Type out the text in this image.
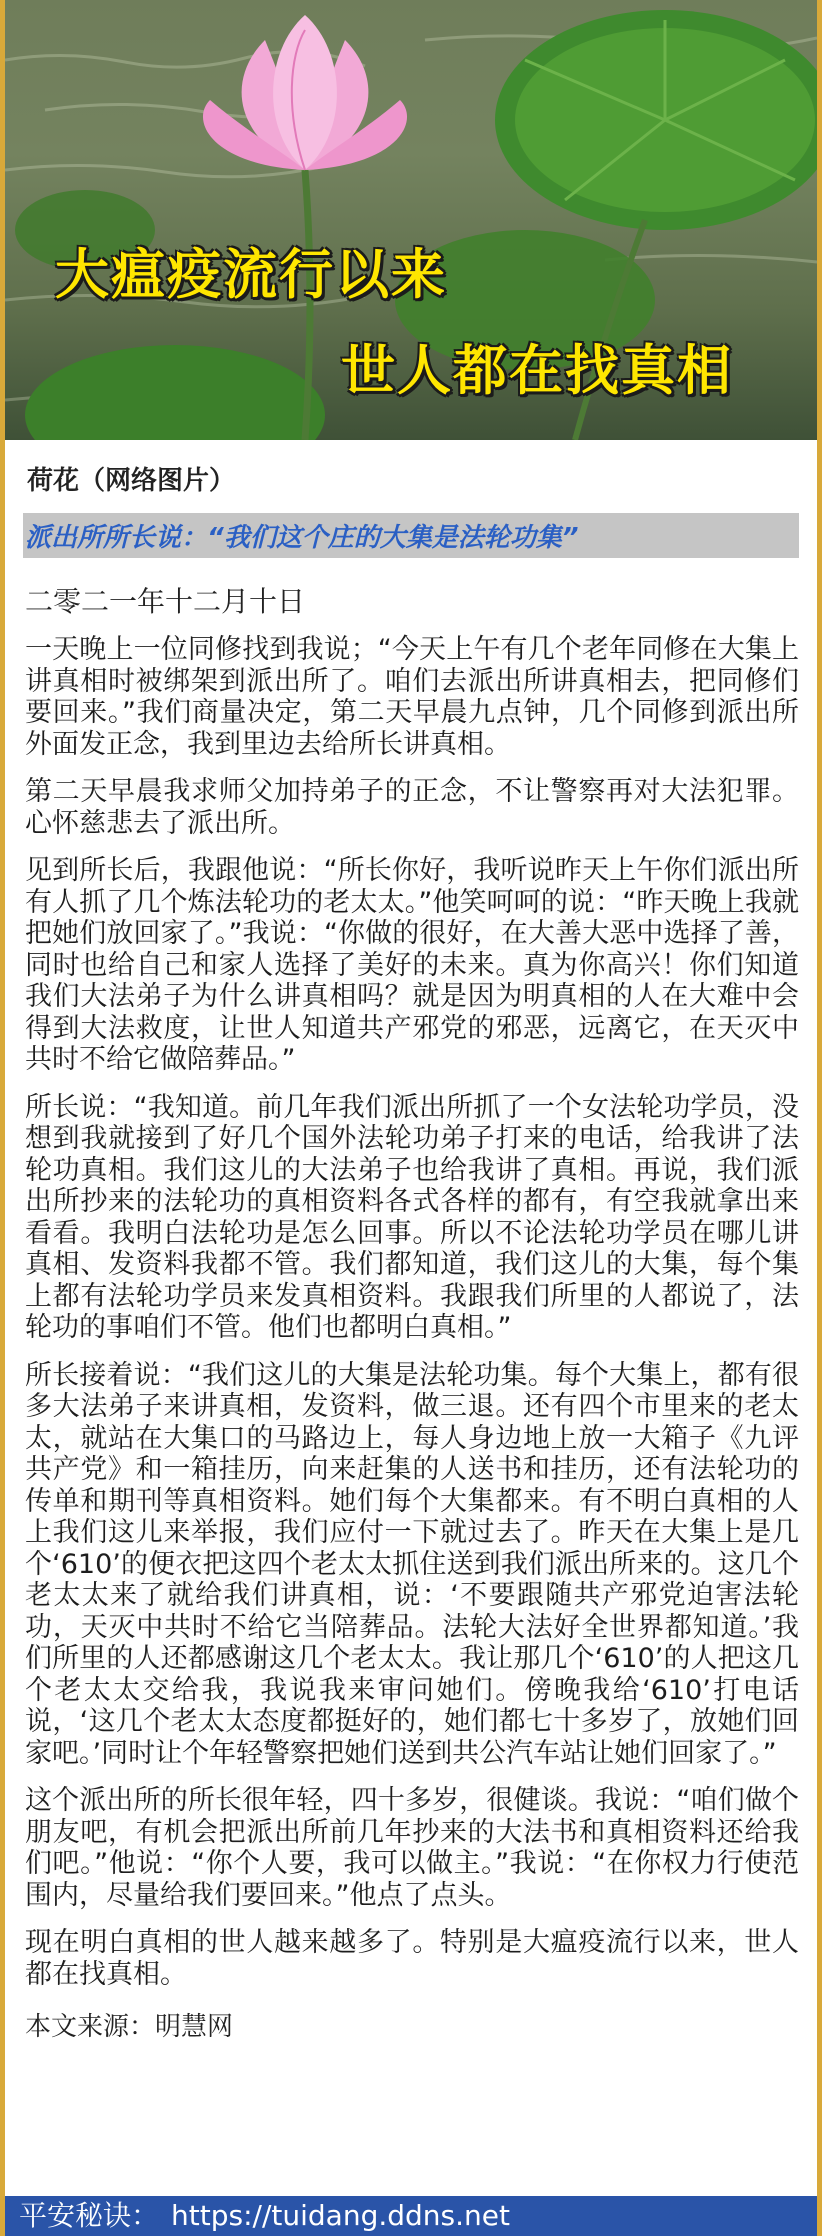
大瘟疫流行以来
世人都在找真相
荷花（网络图片）
派出所所长说：“我们这个庄的大集是法轮功集”
二零二一年十二月十日

一天晚上一位同修找到我说；“今天上午有几个老年同修在大集上讲真相时被绑架到派出所了。咱们去派出所讲真相去，把同修们要回来。”我们商量决定，第二天早晨九点钟，几个同修到派出所外面发正念，我到里边去给所长讲真相。

第二天早晨我求师父加持弟子的正念，不让警察再对大法犯罪。心怀慈悲去了派出所。

见到所长后，我跟他说：“所长你好，我听说昨天上午你们派出所有人抓了几个炼法轮功的老太太。”他笑呵呵的说：“昨天晚上我就把她们放回家了。”我说：“你做的很好，在大善大恶中选择了善，同时也给自己和家人选择了美好的未来。真为你高兴！你们知道我们大法弟子为什么讲真相吗？就是因为明真相的人在大难中会得到大法救度，让世人知道共产邪党的邪恶，远离它，在天灭中共时不给它做陪葬品。”

所长说：“我知道。前几年我们派出所抓了一个女法轮功学员，没想到我就接到了好几个国外法轮功弟子打来的电话，给我讲了法轮功真相。我们这儿的大法弟子也给我讲了真相。再说，我们派出所抄来的法轮功的真相资料各式各样的都有，有空我就拿出来看看。我明白法轮功是怎么回事。所以不论法轮功学员在哪儿讲真相、发资料我都不管。我们都知道，我们这儿的大集，每个集上都有法轮功学员来发真相资料。我跟我们所里的人都说了，法轮功的事咱们不管。他们也都明白真相。”

所长接着说：“我们这儿的大集是法轮功集。每个大集上，都有很多大法弟子来讲真相，发资料，做三退。还有四个市里来的老太太，就站在大集口的马路边上，每人身边地上放一大箱子《九评共产党》和一箱挂历，向来赶集的人送书和挂历，还有法轮功的传单和期刊等真相资料。她们每个大集都来。有不明白真相的人上我们这儿来举报，我们应付一下就过去了。昨天在大集上是几个‘610’的便衣把这四个老太太抓住送到我们派出所来的。这几个老太太来了就给我们讲真相，说：‘不要跟随共产邪党迫害法轮功，天灭中共时不给它当陪葬品。法轮大法好全世界都知道。’我们所里的人还都感谢这几个老太太。我让那几个‘610’的人把这几个老太太交给我，我说我来审问她们。傍晚我给‘610’打电话说，‘这几个老太太态度都挺好的，她们都七十多岁了，放她们回家吧。’同时让个年轻警察把她们送到共公汽车站让她们回家了。”

这个派出所的所长很年轻，四十多岁，很健谈。我说：“咱们做个朋友吧，有机会把派出所前几年抄来的大法书和真相资料还给我们吧。”他说：“你个人要，我可以做主。”我说：“在你权力行使范围内，尽量给我们要回来。”他点了点头。

现在明白真相的世人越来越多了。特别是大瘟疫流行以来，世人都在找真相。

本文来源：明慧网
平安秘诀： https://tuidang.ddns.net
